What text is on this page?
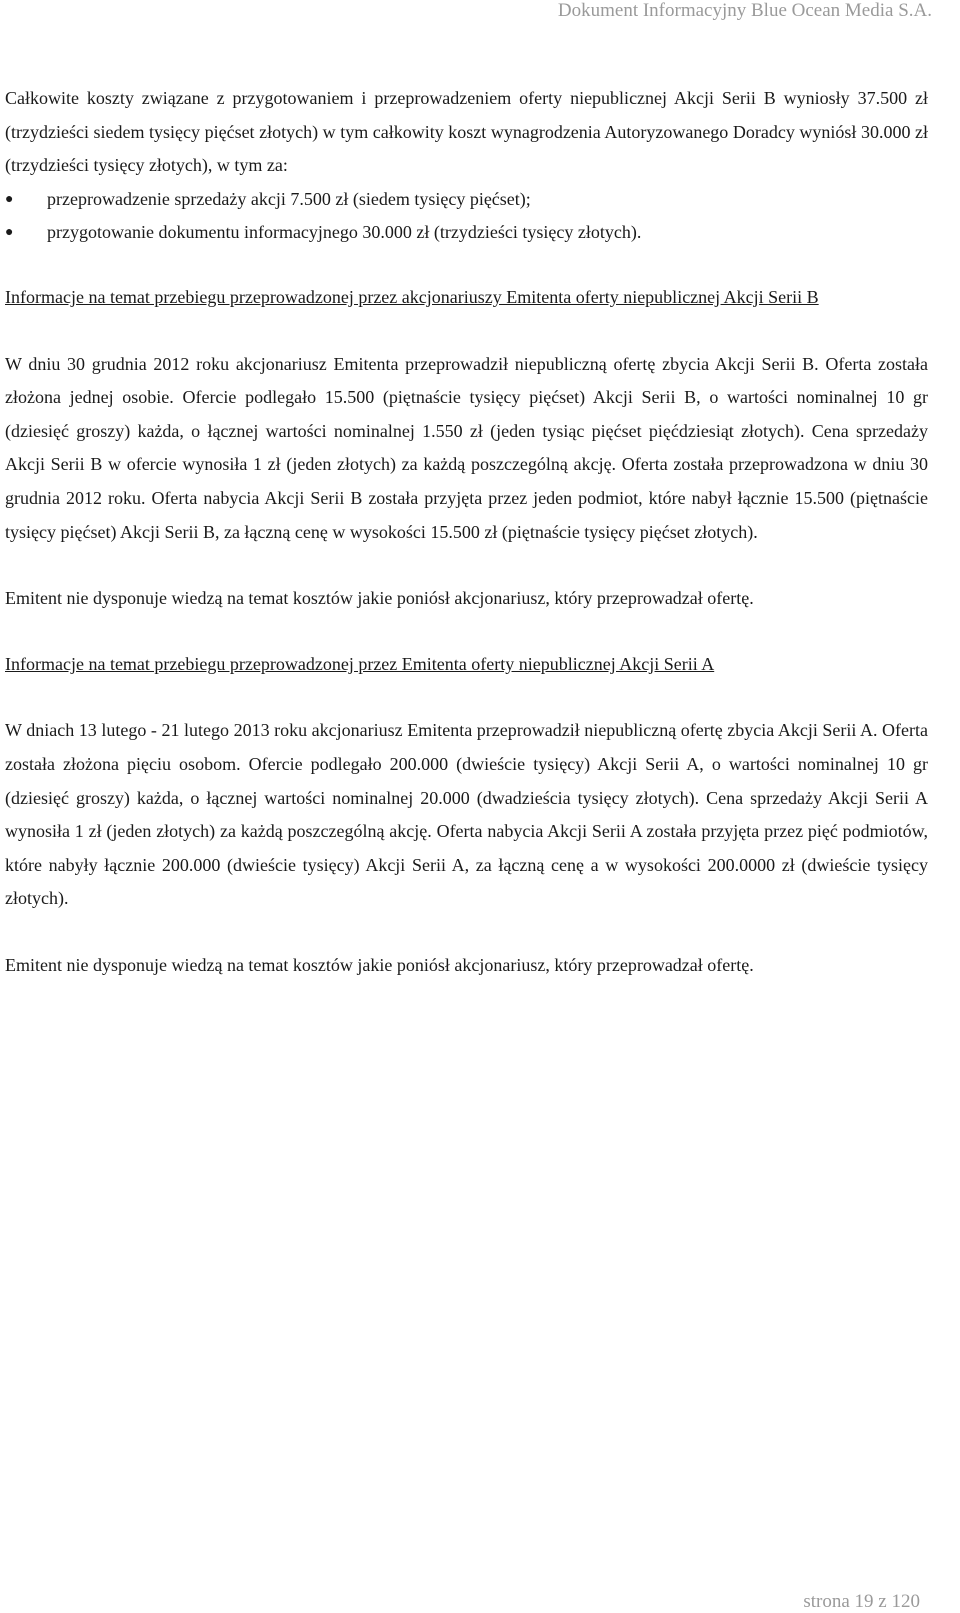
Dokument Informacyjny Blue Ocean Media S.A.

Całkowite koszty związane z przygotowaniem i przeprowadzeniem oferty niepublicznej Akcji Serii B wyniosły 37.500 zł (trzydzieści siedem tysięcy pięćset złotych) w tym całkowity koszt wynagrodzenia Autoryzowanego Doradcy wyniósł 30.000 zł (trzydzieści tysięcy złotych), w tym za:

● przeprowadzenie sprzedaży akcji 7.500 zł (siedem tysięcy pięćset);
● przygotowanie dokumentu informacyjnego 30.000 zł (trzydzieści tysięcy złotych).

Informacje na temat przebiegu przeprowadzonej przez akcjonariuszy Emitenta oferty niepublicznej Akcji Serii B

W dniu 30 grudnia 2012 roku akcjonariusz Emitenta przeprowadził niepubliczną ofertę zbycia Akcji Serii B. Oferta została złożona jednej osobie. Ofercie podlegało 15.500 (piętnaście tysięcy pięćset) Akcji Serii B, o wartości nominalnej 10 gr (dziesięć groszy) każda, o łącznej wartości nominalnej 1.550 zł (jeden tysiąc pięćset pięćdziesiąt złotych). Cena sprzedaży Akcji Serii B w ofercie wynosiła 1 zł (jeden złotych) za każdą poszczególną akcję. Oferta została przeprowadzona w dniu 30 grudnia 2012 roku. Oferta nabycia Akcji Serii B została przyjęta przez jeden podmiot, które nabył łącznie 15.500 (piętnaście tysięcy pięćset) Akcji Serii B, za łączną cenę w wysokości 15.500 zł (piętnaście tysięcy pięćset złotych).

Emitent nie dysponuje wiedzą na temat kosztów jakie poniósł akcjonariusz, który przeprowadzał ofertę.

Informacje na temat przebiegu przeprowadzonej przez Emitenta oferty niepublicznej Akcji Serii A

W dniach 13 lutego - 21 lutego 2013 roku akcjonariusz Emitenta przeprowadził niepubliczną ofertę zbycia Akcji Serii A. Oferta została złożona pięciu osobom. Ofercie podlegało 200.000 (dwieście tysięcy) Akcji Serii A, o wartości nominalnej 10 gr (dziesięć groszy) każda, o łącznej wartości nominalnej 20.000 (dwadzieścia tysięcy złotych). Cena sprzedaży Akcji Serii A wynosiła 1 zł (jeden złotych) za każdą poszczególną akcję. Oferta nabycia Akcji Serii A została przyjęta przez pięć podmiotów, które nabyły łącznie 200.000 (dwieście tysięcy) Akcji Serii A, za łączną cenę a w wysokości 200.0000 zł (dwieście tysięcy złotych).

Emitent nie dysponuje wiedzą na temat kosztów jakie poniósł akcjonariusz, który przeprowadzał ofertę.

strona 19 z 120
